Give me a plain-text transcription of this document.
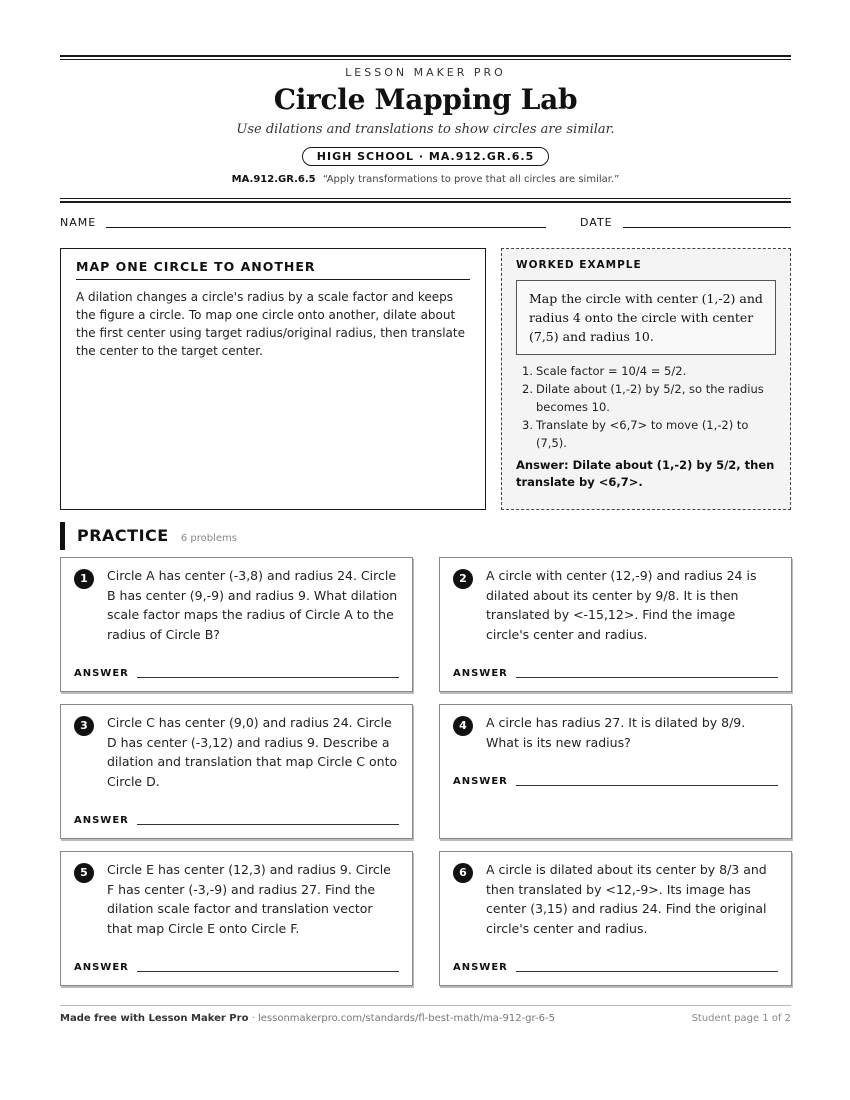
LESSON MAKER PRO
Circle Mapping Lab
Use dilations and translations to show circles are similar.
HIGH SCHOOL · MA.912.GR.6.5
MA.912.GR.6.5 “Apply transformations to prove that all circles are similar.”
NAME	DATE
MAP ONE CIRCLE TO ANOTHER
A dilation changes a circle's radius by a scale factor and keeps the figure a circle. To map one circle onto another, dilate about the first center using target radius/original radius, then translate the center to the target center.
WORKED EXAMPLE
Map the circle with center (1,-2) and radius 4 onto the circle with center (7,5) and radius 10.
1. Scale factor = 10/4 = 5/2.
2. Dilate about (1,-2) by 5/2, so the radius becomes 10.
3. Translate by <6,7> to move (1,-2) to (7,5).
Answer: Dilate about (1,-2) by 5/2, then translate by <6,7>.
PRACTICE 6 problems
1	Circle A has center (-3,8) and radius 24. Circle B has center (9,-9) and radius 9. What dilation scale factor maps the radius of Circle A to the radius of Circle B?
ANSWER
2	A circle with center (12,-9) and radius 24 is dilated about its center by 9/8. It is then translated by <-15,12>. Find the image circle's center and radius.
ANSWER
3	Circle C has center (9,0) and radius 24. Circle D has center (-3,12) and radius 9. Describe a dilation and translation that map Circle C onto Circle D.
ANSWER
4	A circle has radius 27. It is dilated by 8/9. What is its new radius?
ANSWER
5	Circle E has center (12,3) and radius 9. Circle F has center (-3,-9) and radius 27. Find the dilation scale factor and translation vector that map Circle E onto Circle F.
ANSWER
6	A circle is dilated about its center by 8/3 and then translated by <12,-9>. Its image has center (3,15) and radius 24. Find the original circle's center and radius.
ANSWER
Made free with Lesson Maker Pro · lessonmakerpro.com/standards/fl-best-math/ma-912-gr-6-5	Student page 1 of 2
